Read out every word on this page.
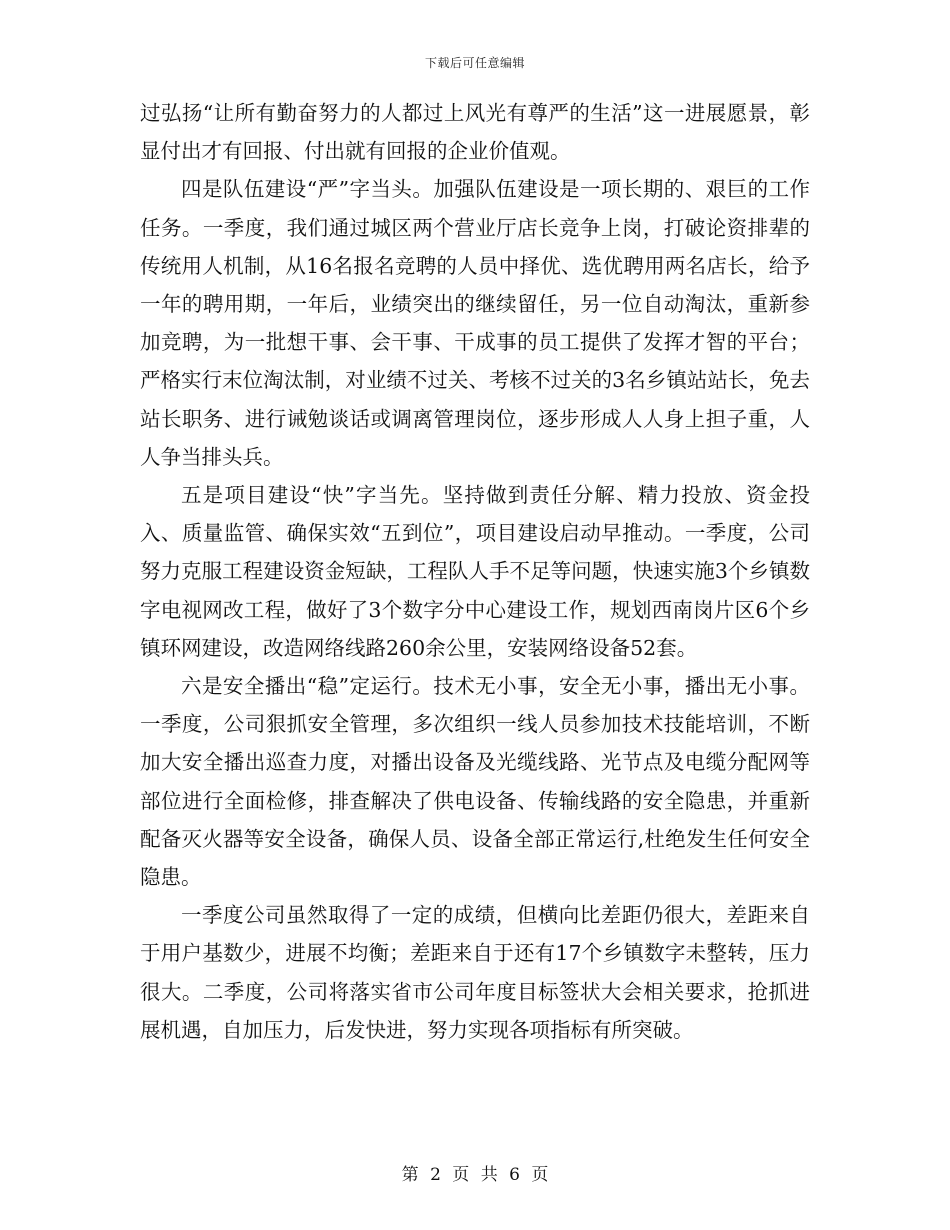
下载后可任意编辑

过弘扬“让所有勤奋努力的人都过上风光有尊严的生活”这一进展愿景，彰显付出才有回报、付出就有回报的企业价值观。

四是队伍建设“严”字当头。加强队伍建设是一项长期的、艰巨的工作任务。一季度，我们通过城区两个营业厅店长竞争上岗，打破论资排辈的传统用人机制，从16名报名竞聘的人员中择优、选优聘用两名店长，给予一年的聘用期，一年后，业绩突出的继续留任，另一位自动淘汰，重新参加竞聘，为一批想干事、会干事、干成事的员工提供了发挥才智的平台；严格实行末位淘汰制，对业绩不过关、考核不过关的3名乡镇站站长，免去站长职务、进行诫勉谈话或调离管理岗位，逐步形成人人身上担子重，人人争当排头兵。

五是项目建设“快”字当先。坚持做到责任分解、精力投放、资金投入、质量监管、确保实效“五到位”，项目建设启动早推动。一季度，公司努力克服工程建设资金短缺，工程队人手不足等问题，快速实施3个乡镇数字电视网改工程，做好了3个数字分中心建设工作，规划西南岗片区6个乡镇环网建设，改造网络线路260余公里，安装网络设备52套。

六是安全播出“稳”定运行。技术无小事，安全无小事，播出无小事。一季度，公司狠抓安全管理，多次组织一线人员参加技术技能培训，不断加大安全播出巡查力度，对播出设备及光缆线路、光节点及电缆分配网等部位进行全面检修，排查解决了供电设备、传输线路的安全隐患，并重新配备灭火器等安全设备，确保人员、设备全部正常运行,杜绝发生任何安全隐患。

一季度公司虽然取得了一定的成绩，但横向比差距仍很大，差距来自于用户基数少，进展不均衡；差距来自于还有17个乡镇数字未整转，压力很大。二季度，公司将落实省市公司年度目标签状大会相关要求，抢抓进展机遇，自加压力，后发快进，努力实现各项指标有所突破。

第 2 页 共 6 页
